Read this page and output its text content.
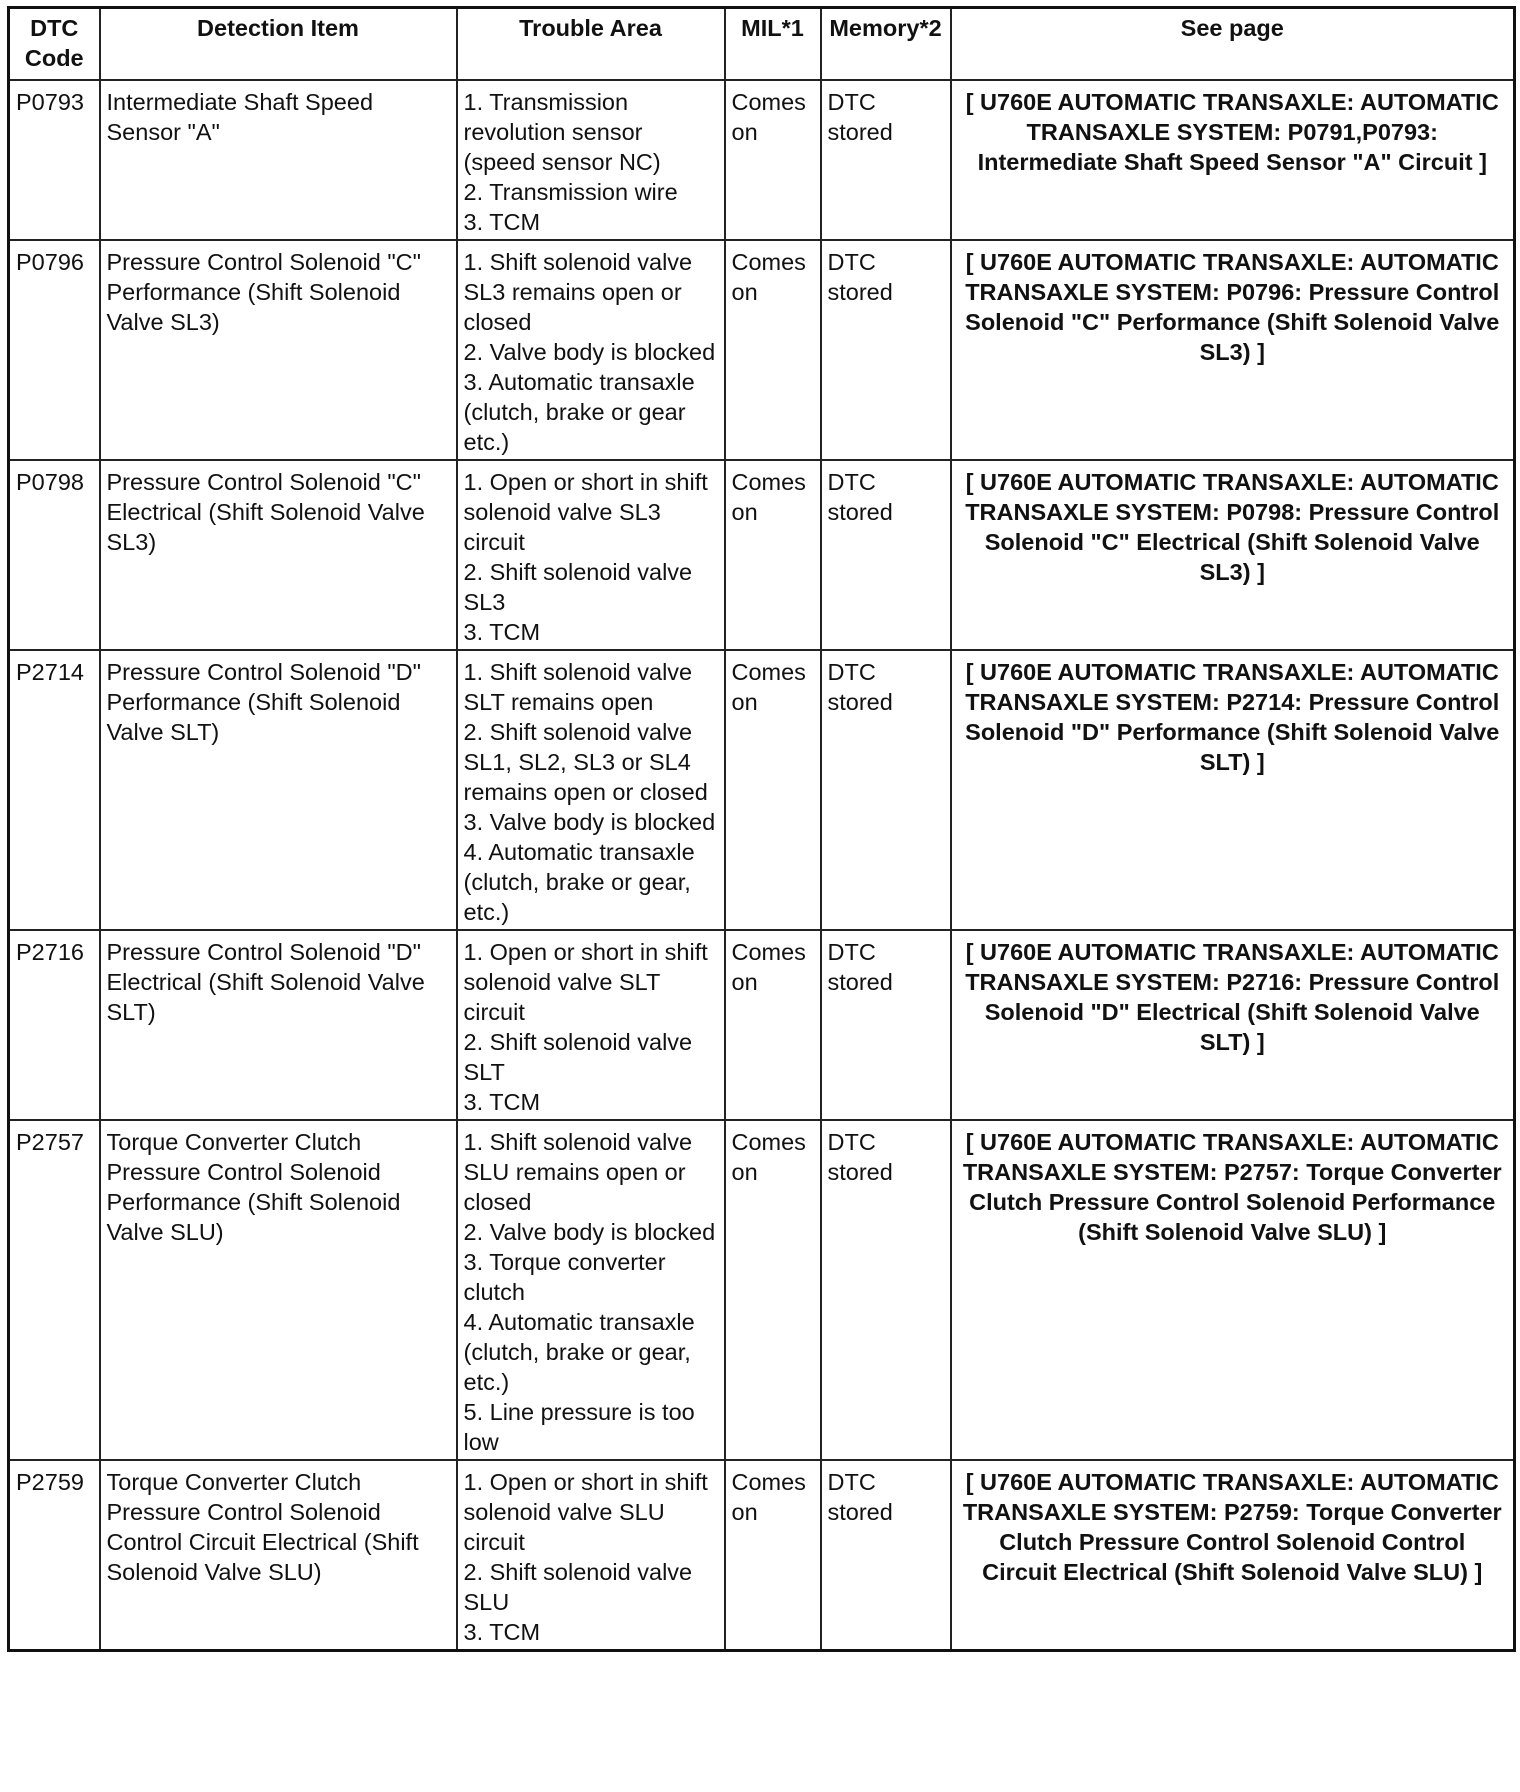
DTC Code	Detection Item	Trouble Area	MIL*1	Memory*2	See page
P0793	Intermediate Shaft Speed Sensor "A"	1. Transmission revolution sensor (speed sensor NC)
2. Transmission wire
3. TCM	Comes on	DTC stored	[ U760E AUTOMATIC TRANSAXLE: AUTOMATIC TRANSAXLE SYSTEM: P0791,P0793: Intermediate Shaft Speed Sensor "A" Circuit ]
P0796	Pressure Control Solenoid "C" Performance (Shift Solenoid Valve SL3)	1. Shift solenoid valve SL3 remains open or closed
2. Valve body is blocked
3. Automatic transaxle (clutch, brake or gear etc.)	Comes on	DTC stored	[ U760E AUTOMATIC TRANSAXLE: AUTOMATIC TRANSAXLE SYSTEM: P0796: Pressure Control Solenoid "C" Performance (Shift Solenoid Valve SL3) ]
P0798	Pressure Control Solenoid "C" Electrical (Shift Solenoid Valve SL3)	1. Open or short in shift solenoid valve SL3 circuit
2. Shift solenoid valve SL3
3. TCM	Comes on	DTC stored	[ U760E AUTOMATIC TRANSAXLE: AUTOMATIC TRANSAXLE SYSTEM: P0798: Pressure Control Solenoid "C" Electrical (Shift Solenoid Valve SL3) ]
P2714	Pressure Control Solenoid "D" Performance (Shift Solenoid Valve SLT)	1. Shift solenoid valve SLT remains open
2. Shift solenoid valve SL1, SL2, SL3 or SL4 remains open or closed
3. Valve body is blocked
4. Automatic transaxle (clutch, brake or gear, etc.)	Comes on	DTC stored	[ U760E AUTOMATIC TRANSAXLE: AUTOMATIC TRANSAXLE SYSTEM: P2714: Pressure Control Solenoid "D" Performance (Shift Solenoid Valve SLT) ]
P2716	Pressure Control Solenoid "D" Electrical (Shift Solenoid Valve SLT)	1. Open or short in shift solenoid valve SLT circuit
2. Shift solenoid valve SLT
3. TCM	Comes on	DTC stored	[ U760E AUTOMATIC TRANSAXLE: AUTOMATIC TRANSAXLE SYSTEM: P2716: Pressure Control Solenoid "D" Electrical (Shift Solenoid Valve SLT) ]
P2757	Torque Converter Clutch Pressure Control Solenoid Performance (Shift Solenoid Valve SLU)	1. Shift solenoid valve SLU remains open or closed
2. Valve body is blocked
3. Torque converter clutch
4. Automatic transaxle (clutch, brake or gear, etc.)
5. Line pressure is too low	Comes on	DTC stored	[ U760E AUTOMATIC TRANSAXLE: AUTOMATIC TRANSAXLE SYSTEM: P2757: Torque Converter Clutch Pressure Control Solenoid Performance (Shift Solenoid Valve SLU) ]
P2759	Torque Converter Clutch Pressure Control Solenoid Control Circuit Electrical (Shift Solenoid Valve SLU)	1. Open or short in shift solenoid valve SLU circuit
2. Shift solenoid valve SLU
3. TCM	Comes on	DTC stored	[ U760E AUTOMATIC TRANSAXLE: AUTOMATIC TRANSAXLE SYSTEM: P2759: Torque Converter Clutch Pressure Control Solenoid Control Circuit Electrical (Shift Solenoid Valve SLU) ]
